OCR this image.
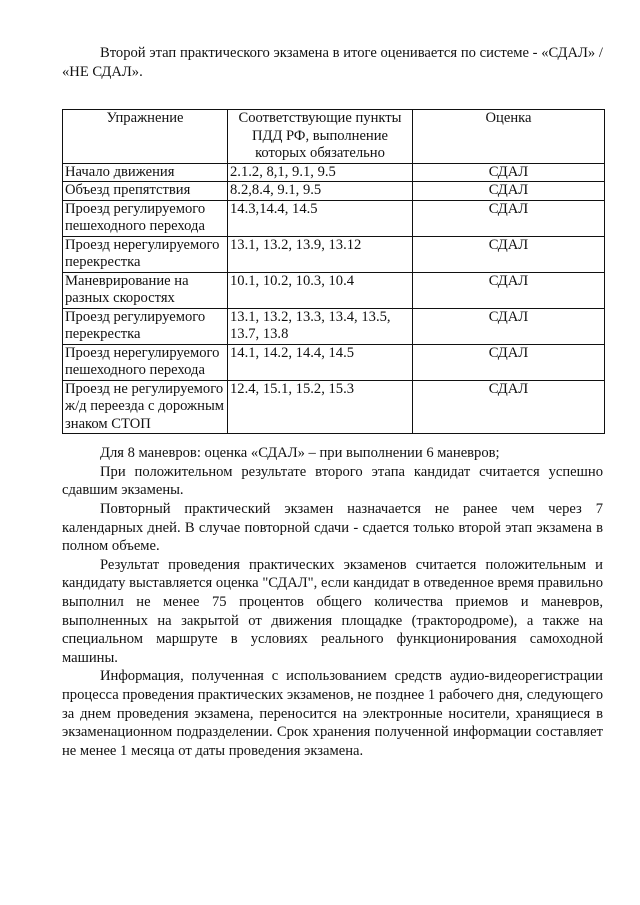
Второй этап практического экзамена в итоге оценивается по системе - «СДАЛ» / «НЕ СДАЛ».

Упражнение	Соответствующие пункты ПДД РФ, выполнение которых обязательно	Оценка
Начало движения	2.1.2, 8,1, 9.1, 9.5	СДАЛ
Объезд препятствия	8.2,8.4, 9.1, 9.5	СДАЛ
Проезд регулируемого пешеходного перехода	14.3,14.4, 14.5	СДАЛ
Проезд нерегулируемого перекрестка	13.1, 13.2, 13.9, 13.12	СДАЛ
Маневрирование на разных скоростях	10.1, 10.2, 10.3, 10.4	СДАЛ
Проезд регулируемого перекрестка	13.1, 13.2, 13.3, 13.4, 13.5, 13.7, 13.8	СДАЛ
Проезд нерегулируемого пешеходного перехода	14.1, 14.2, 14.4, 14.5	СДАЛ
Проезд не регулируемого ж/д переезда с дорожным знаком СТОП	12.4, 15.1, 15.2, 15.3	СДАЛ

Для 8 маневров: оценка «СДАЛ» – при выполнении 6 маневров;

При положительном результате второго этапа кандидат считается успешно сдавшим экзамены.

Повторный практический экзамен назначается не ранее чем через 7 календарных дней. В случае повторной сдачи - сдается только второй этап экзамена в полном объеме.

Результат проведения практических экзаменов считается положительным и кандидату выставляется оценка "СДАЛ", если кандидат в отведенное время правильно выполнил не менее 75 процентов общего количества приемов и маневров, выполненных на закрытой от движения площадке (трактородроме), а также на специальном маршруте в условиях реального функционирования самоходной машины.

Информация, полученная с использованием средств аудио-видеорегистрации процесса проведения практических экзаменов, не позднее 1 рабочего дня, следующего за днем проведения экзамена, переносится на электронные носители, хранящиеся в экзаменационном подразделении. Срок хранения полученной информации составляет не менее 1 месяца от даты проведения экзамена.
